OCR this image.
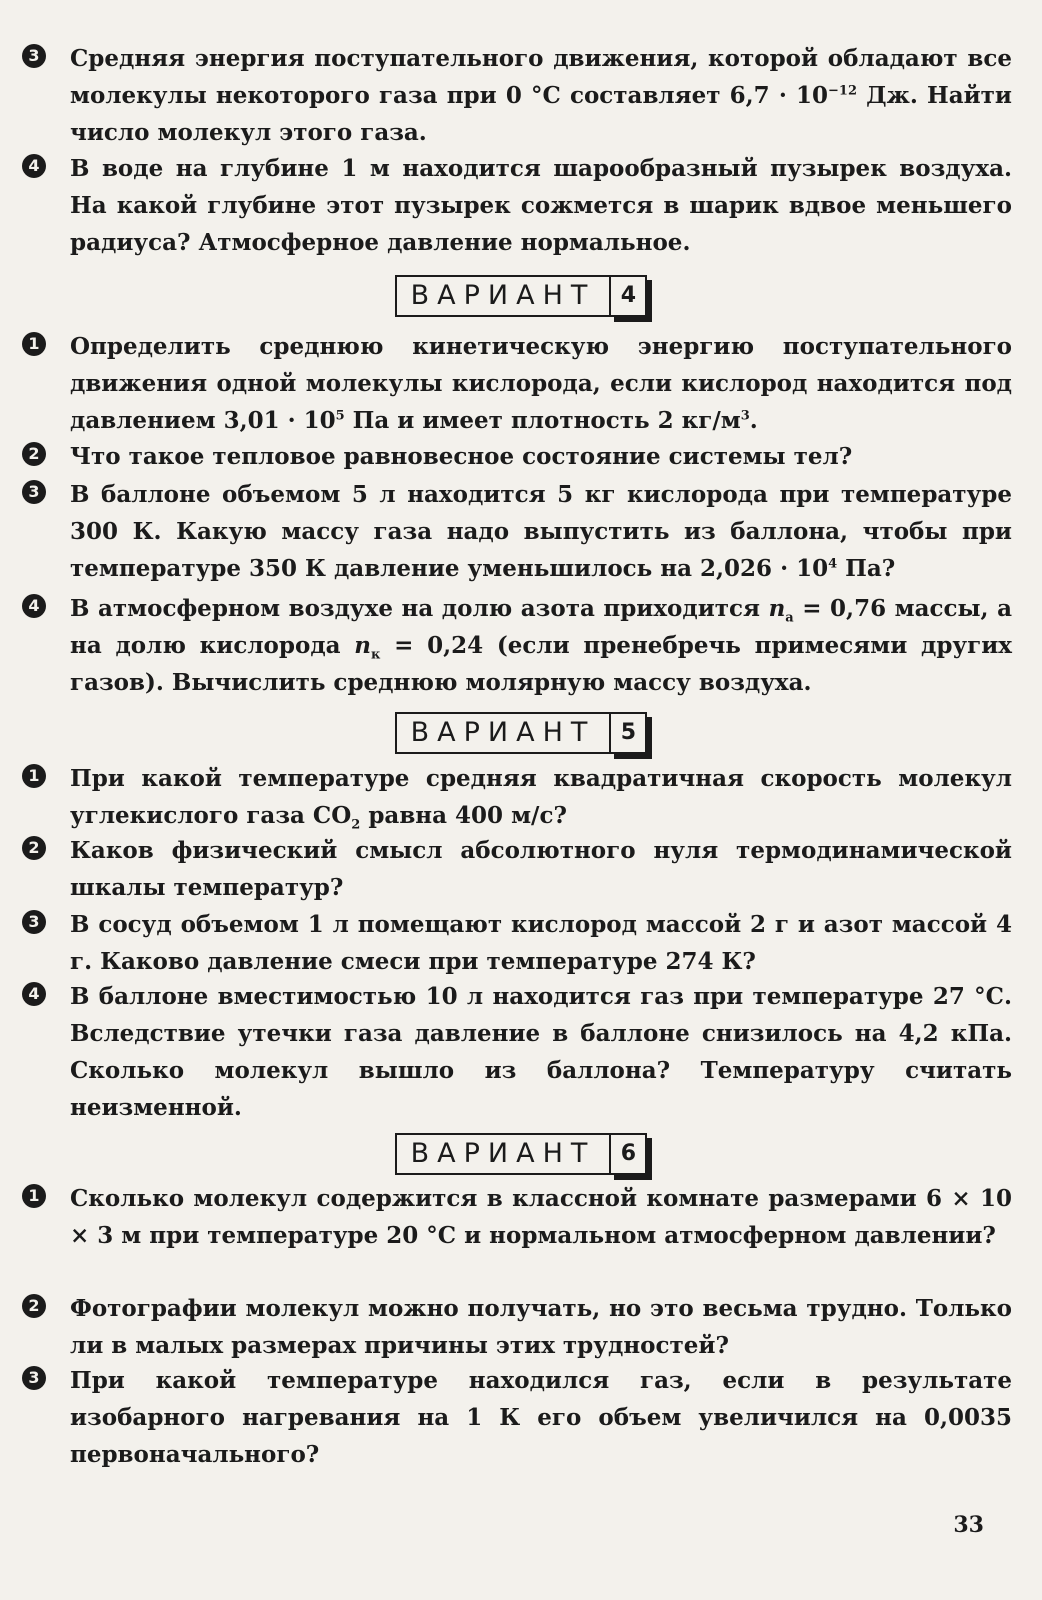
33
3 Средняя энергия поступательного движения, которой обладают все молекулы некоторого газа при 0 °С составляет $6,7 \cdot 10^{-12}$ Дж. Найти число молекул этого газа.
4 В воде на глубине 1 м находится шарообразный пузырек воздуха. На какой глубине этот пузырек сожмется в шарик вдвое меньшего радиуса? Атмосферное давление нормальное.
ВАРИАНТ	4
1 Определить среднюю кинетическую энергию поступательного движения одной молекулы кислорода, если кислород находится под давлением $3,01 \cdot 10^5$ Па и имеет плотность 2 $кг/м^3$.
2 Что такое тепловое равновесное состояние системы тел?
3 В баллоне объемом 5 л находится 5 кг кислорода при температуре 300 К. Какую массу газа надо выпустить из баллона, чтобы при температуре 350 К давление уменьшилось на $2,026 \cdot 10^4$ Па?
4 В атмосферном воздухе на долю азота приходится $n_а = 0,76$ массы, а на долю кислорода $n_к = 0,24$ (если пренебречь примесями других газов). Вычислить среднюю молярную массу воздуха.
ВАРИАНТ	5
1 При какой температуре средняя квадратичная скорость молекул углекислого газа $CO_2$ равна 400 м/с?
2 Каков физический смысл абсолютного нуля термодинамической шкалы температур?
3 В сосуд объемом 1 л помещают кислород массой 2 г и азот массой 4 г. Каково давление смеси при температуре 274 К?
4 В баллоне вместимостью 10 л находится газ при температуре 27 °С. Вследствие утечки газа давление в баллоне снизилось на 4,2 кПа. Сколько молекул вышло из баллона? Температуру считать неизменной.
ВАРИАНТ	6
1 Сколько молекул содержится в классной комнате размерами 6 × 10 × 3 м при температуре 20 °С и нормальном атмосферном давлении?
2 Фотографии молекул можно получать, но это весьма трудно. Только ли в малых размерах причины этих трудностей?
3 При какой температуре находился газ, если в результате изобарного нагревания на 1 К его объем увеличился на 0,0035 первоначального?
